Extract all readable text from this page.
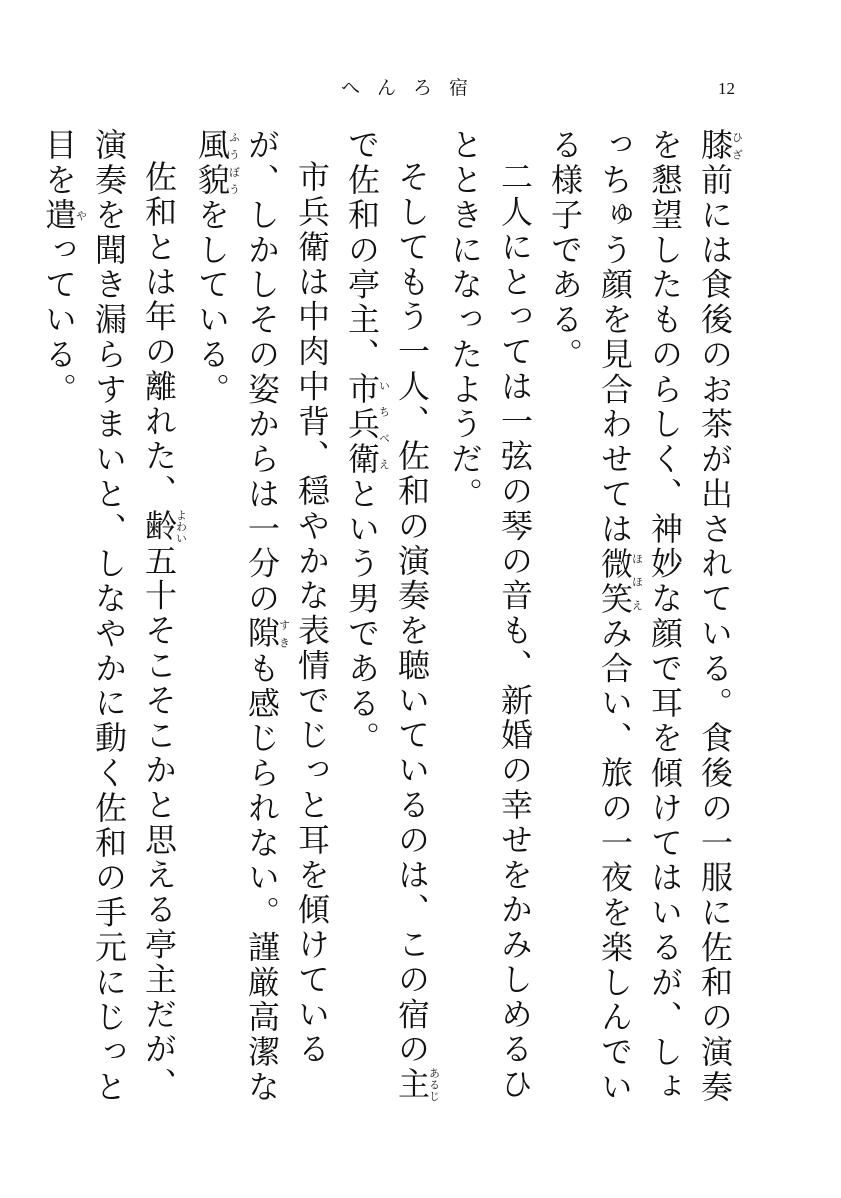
へんろ宿	12

膝ひざ前には食後のお茶が出されている。食後の一服に佐和の演奏を懇望したものらしく、神妙な顔で耳を傾けてはいるが、しょっちゅう顔を見合わせては微笑ほほえみ合い、旅の一夜を楽しんでいる様子である。

二人にとっては一弦の琴の音も、新婚の幸せをかみしめるひとときになったようだ。

そしてもう一人、佐和の演奏を聴いているのは、この宿の主あるじで佐和の亭主、市兵衛いちべえという男である。

市兵衛は中肉中背、穏やかな表情でじっと耳を傾けているが、しかしその姿からは一分の隙すきも感じられない。謹厳高潔な風貌ふうぼうをしている。

佐和とは年の離れた、齢よわい五十そこそこかと思える亭主だが、演奏を聞き漏らすまいと、しなやかに動く佐和の手元にじっと目を遣やっている。
